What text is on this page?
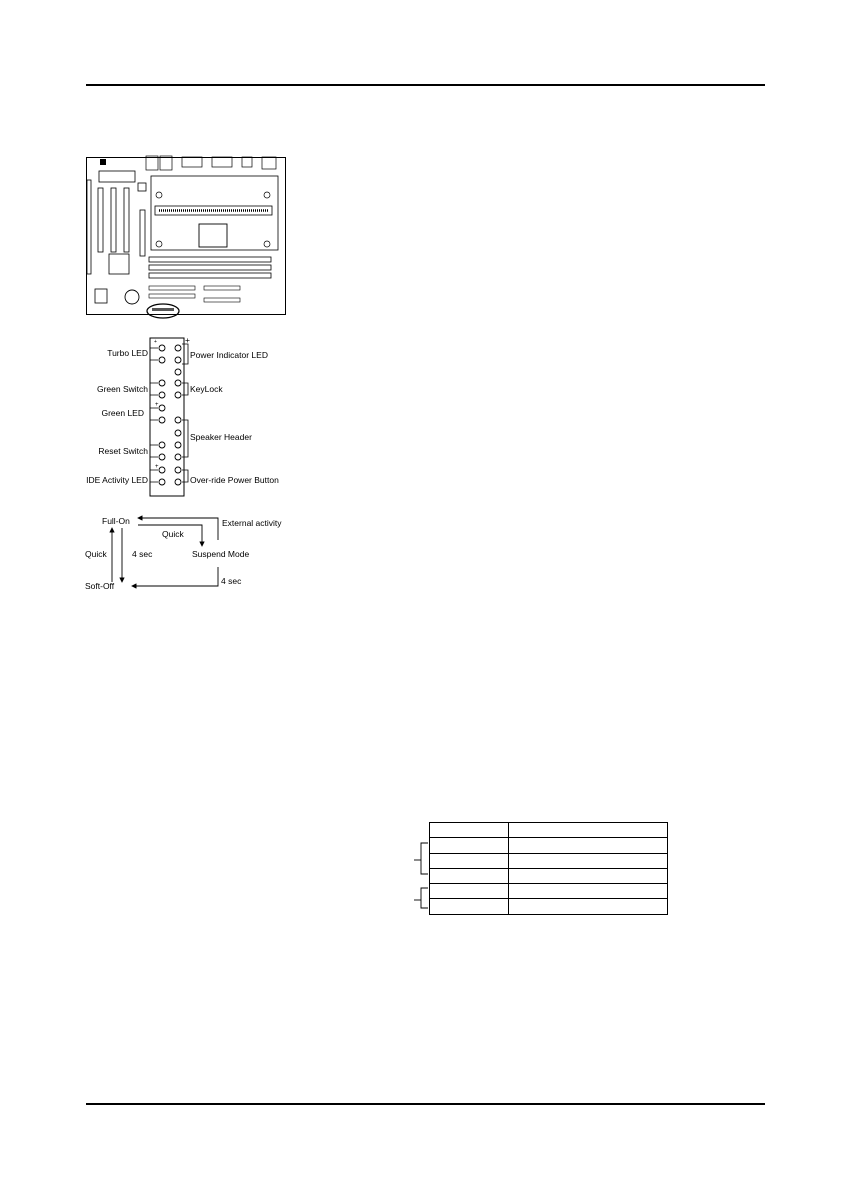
+	+
+
+
Turbo LED	Power Indicator LED
Green Switch	KeyLock
Green LED
Speaker Header
Reset Switch
IDE Activity LED	Over-ride Power Button
Full-On	External activity
Quick
Quick	4 sec	Suspend Mode
Soft-Off	4 sec
